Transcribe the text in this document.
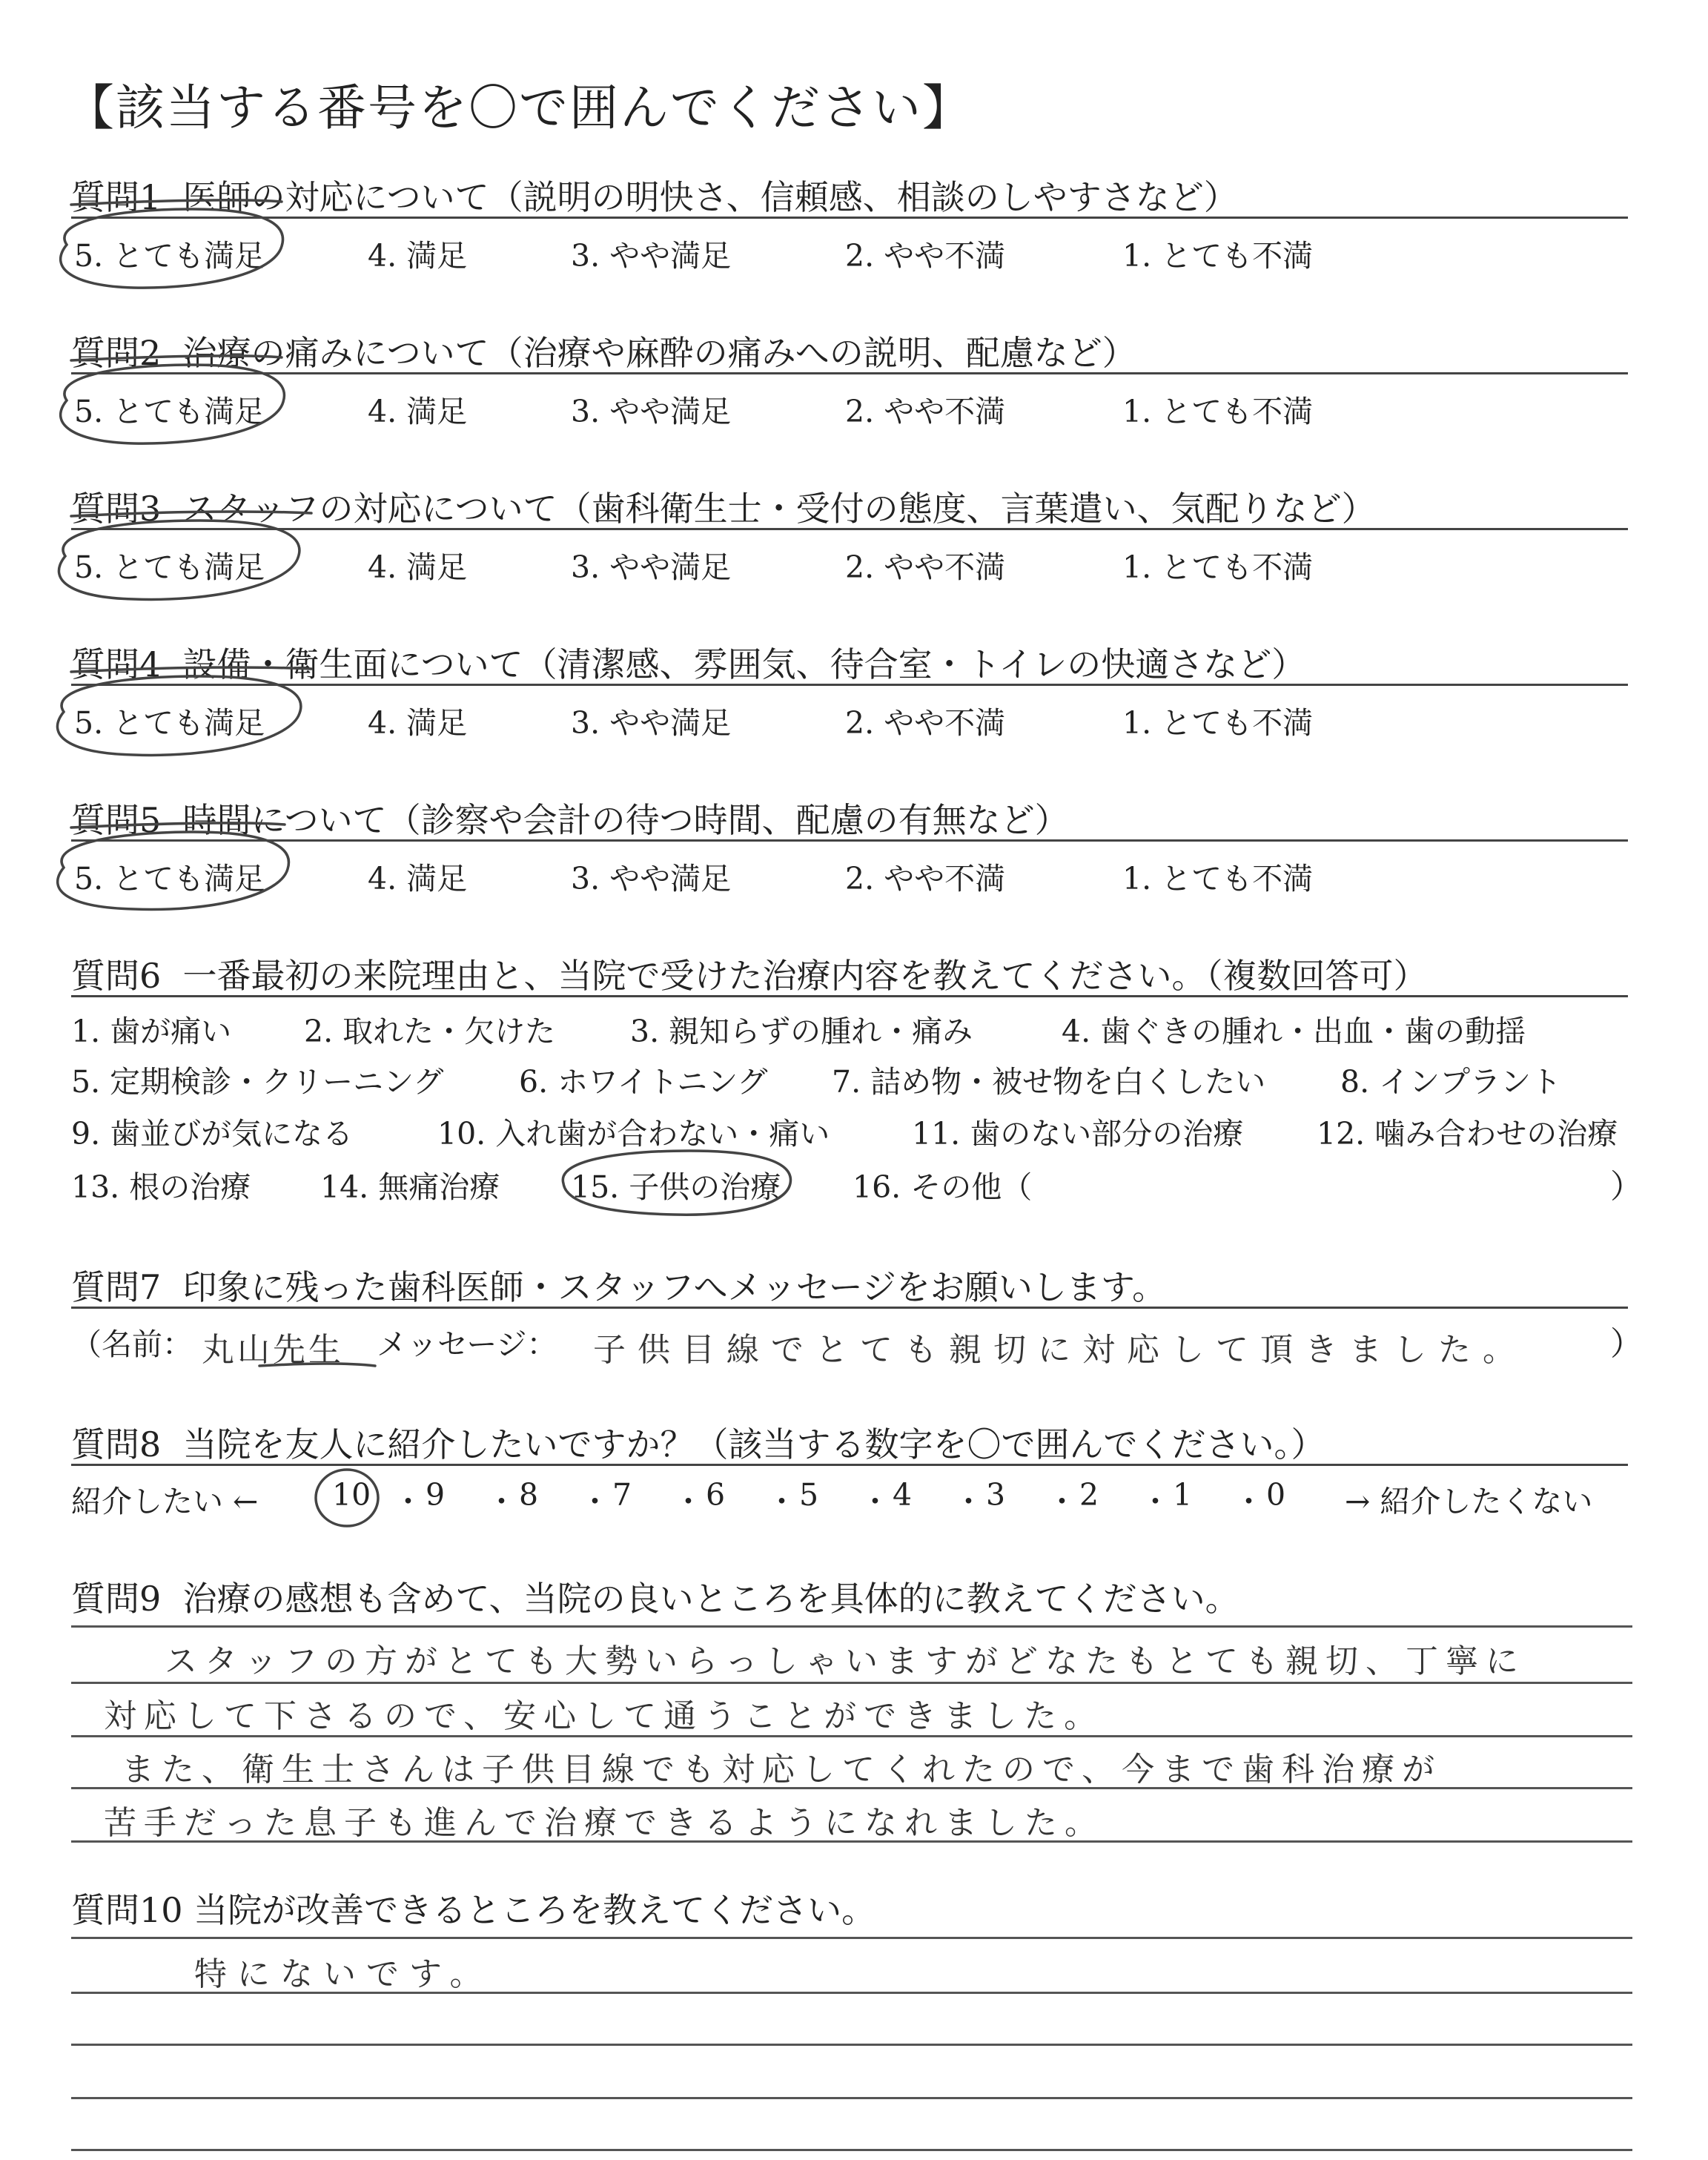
【該当する番号を〇で囲んでください】
質問1 医師の対応について（説明の明快さ、信頼感、相談のしやすさなど）
質問2 治療の痛みについて（治療や麻酔の痛みへの説明、配慮など）
質問3 スタッフの対応について（歯科衛生士・受付の態度、言葉遣い、気配りなど）
質問4 設備・衛生面について（清潔感、雰囲気、待合室・トイレの快適さなど）
質問5 時間について（診察や会計の待つ時間、配慮の有無など）
5. とても満足	4. 満足	3. やや満足	2. やや不満	1. とても不満
5. とても満足	4. 満足	3. やや満足	2. やや不満	1. とても不満
5. とても満足	4. 満足	3. やや満足	2. やや不満	1. とても不満
5. とても満足	4. 満足	3. やや満足	2. やや不満	1. とても不満
5. とても満足	4. 満足	3. やや満足	2. やや不満	1. とても不満
質問6 一番最初の来院理由と、当院で受けた治療内容を教えてください。（複数回答可）
1. 歯が痛い 2. 取れた・欠けた 3. 親知らずの腫れ・痛み	4. 歯ぐきの腫れ・出血・歯の動揺
5. 定期検診・クリーニング 6. ホワイトニング 7. 詰め物・被せ物を白くしたい 8. インプラント
9. 歯並びが気になる	10. 入れ歯が合わない・痛い	11. 歯のない部分の治療 12. 噛み合わせの治療
13. 根の治療 14. 無痛治療 15. 子供の治療 16. その他（	）
質問7 印象に残った歯科医師・スタッフへメッセージをお願いします。
（名前： 丸山先生 メッセージ： 子供目線でとても親切に対応して頂きました。	）
質問8 当院を友人に紹介したいですか？（該当する数字を〇で囲んでください。）
紹介したい ← 10 ・ 9 ・ 8 ・ 7 ・ 6 ・ 5 ・ 4 ・ 3 ・ 2 ・ 1 ・ 0 → 紹介したくない
質問9 治療の感想も含めて、当院の良いところを具体的に教えてください。
スタッフの方がとても大勢いらっしゃいますがどなたもとても親切、丁寧に
対応して下さるので、安心して通うことができました。
また、衛生士さんは子供目線でも対応してくれたので、今まで歯科治療が
苦手だった息子も進んで治療できるようになれました。
質問10 当院が改善できるところを教えてください。
特にないです。
